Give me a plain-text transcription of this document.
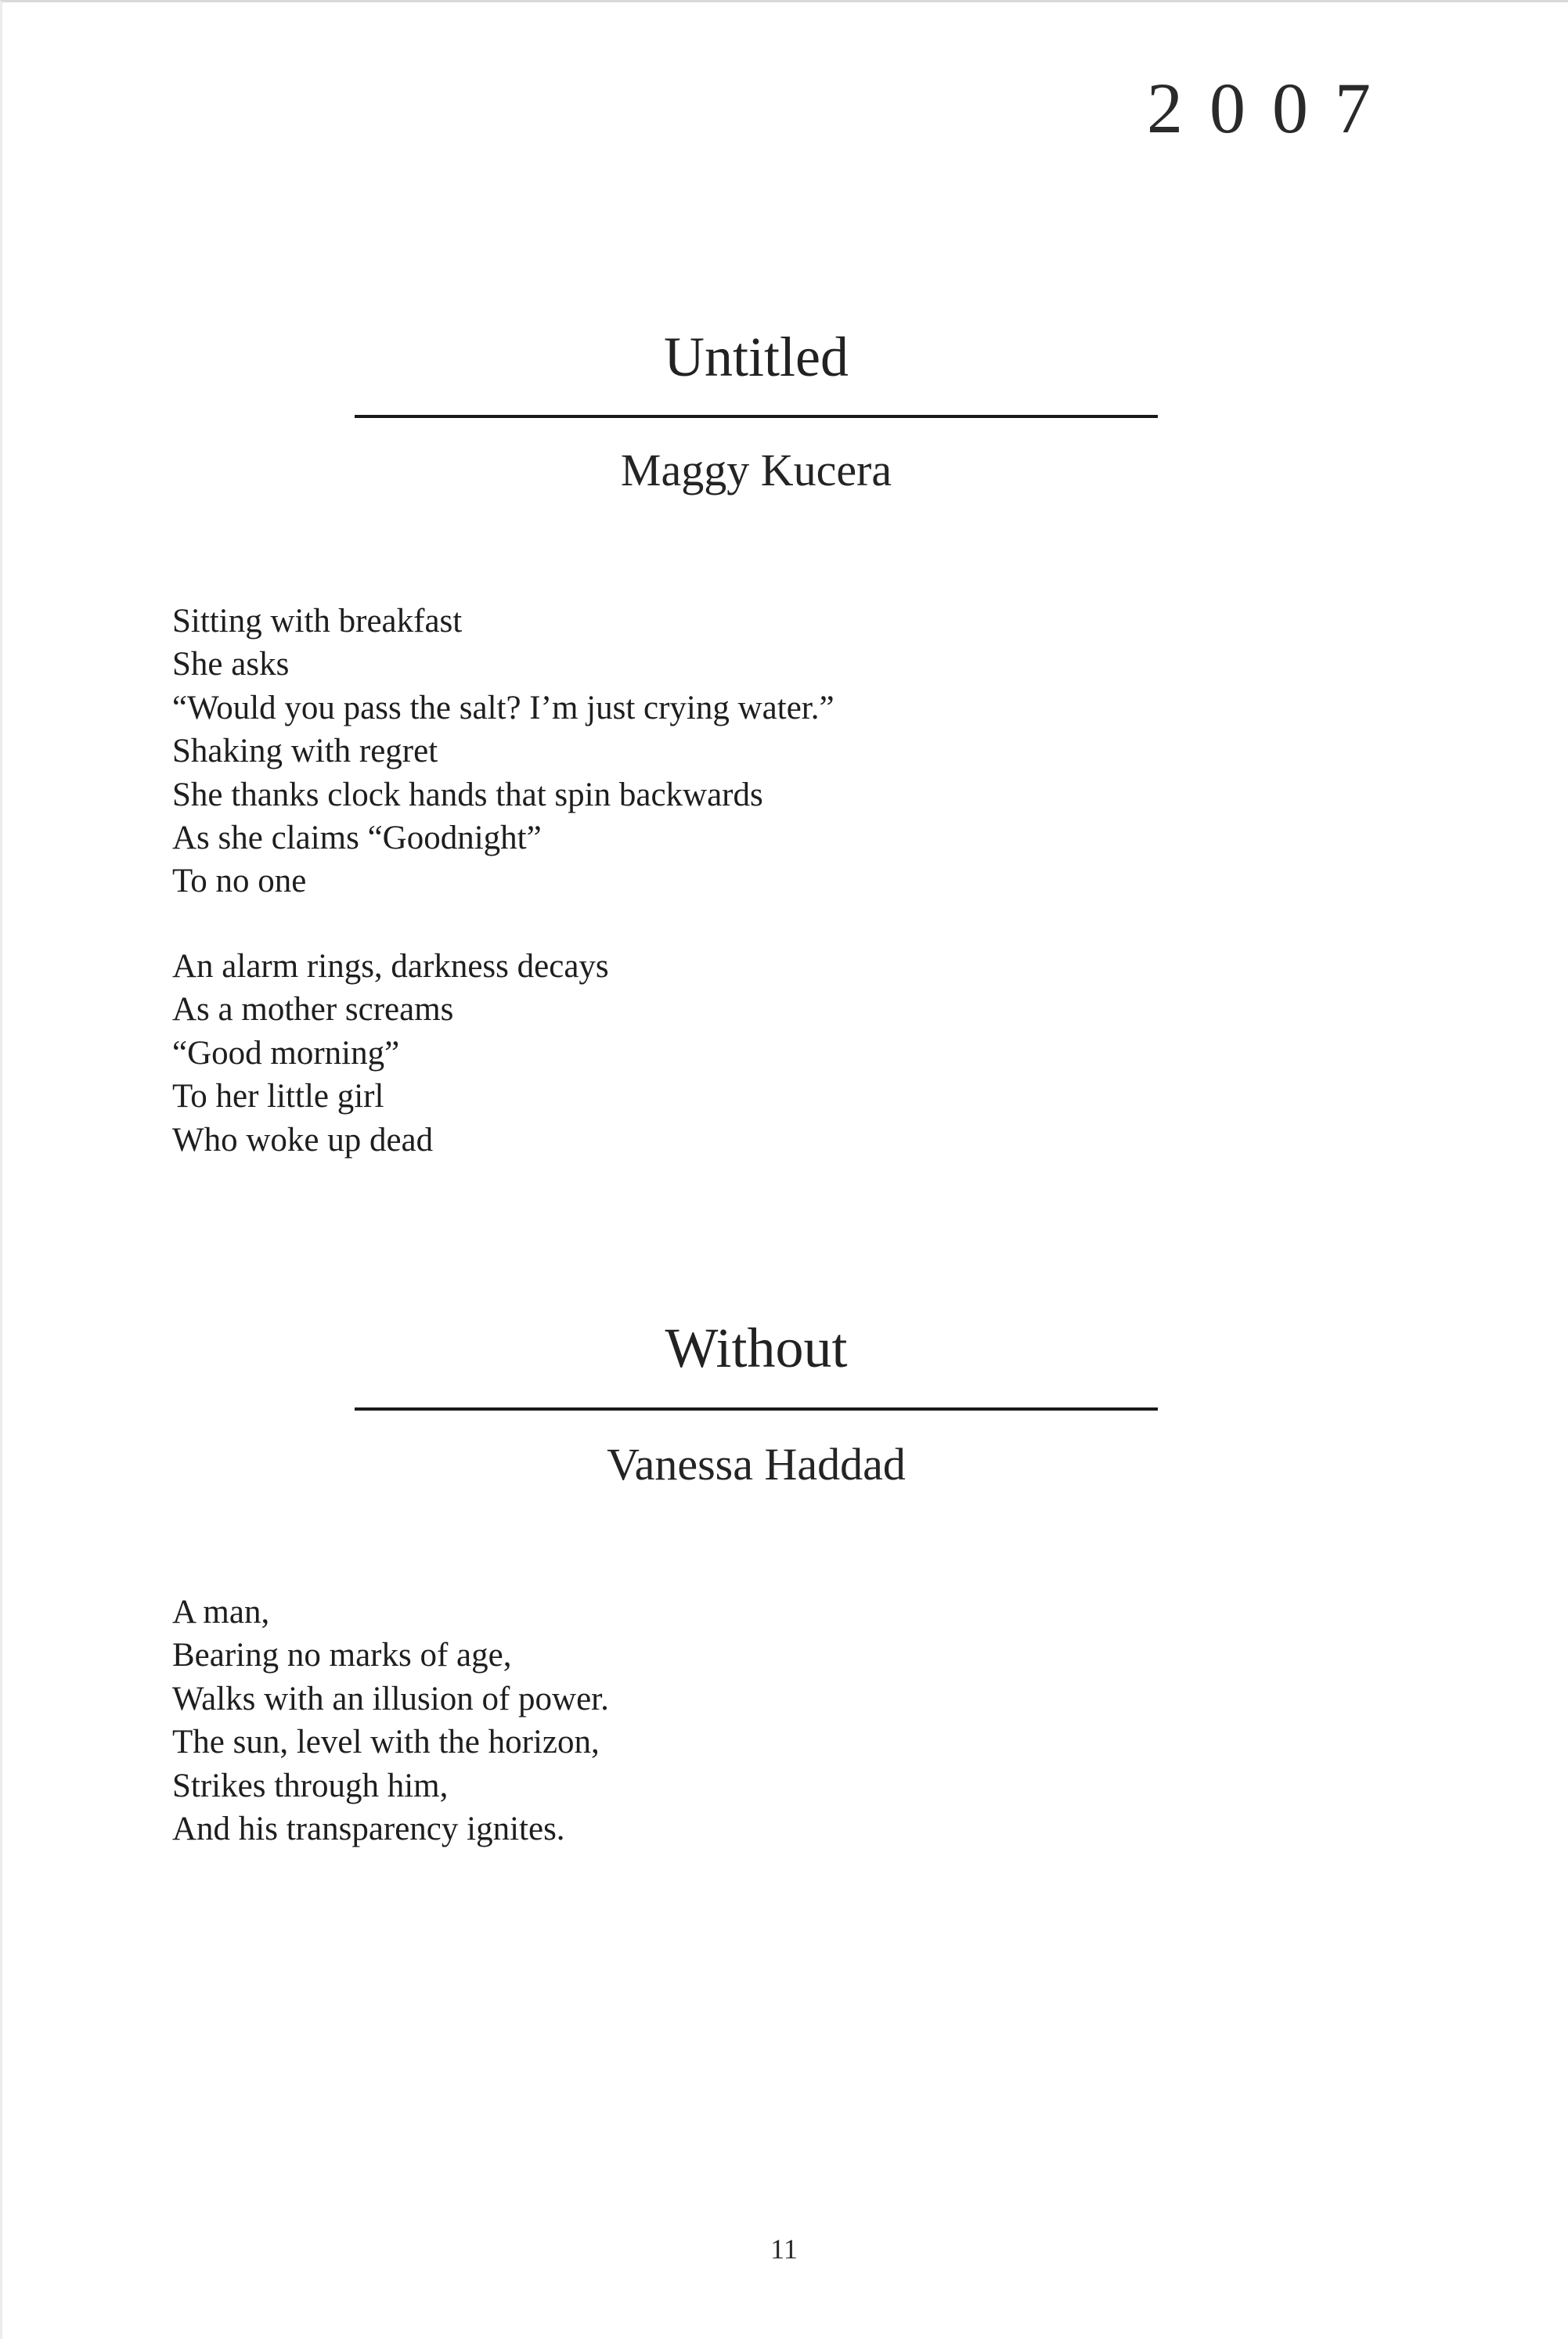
2007
Untitled
Maggy Kucera
Sitting with breakfast
She asks
“Would you pass the salt? I’m just crying water.”
Shaking with regret
She thanks clock hands that spin backwards
As she claims “Goodnight”
To no one
An alarm rings, darkness decays
As a mother screams
“Good morning”
To her little girl
Who woke up dead
Without
Vanessa Haddad
A man,
Bearing no marks of age,
Walks with an illusion of power.
The sun, level with the horizon,
Strikes through him,
And his transparency ignites.
11
